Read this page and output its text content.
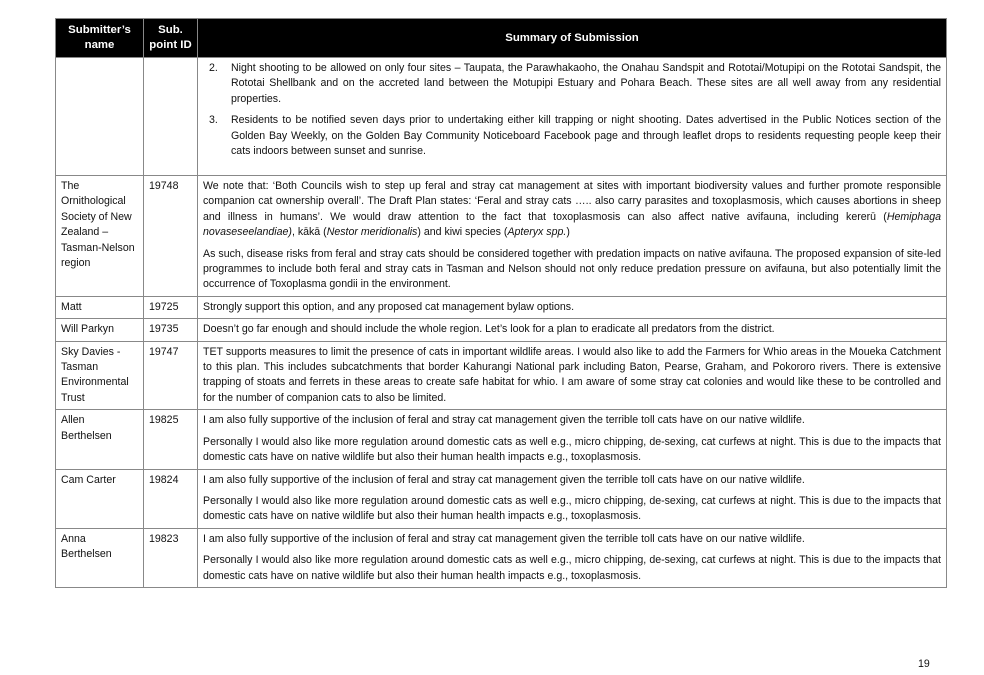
Submitter’s name	Sub. point ID	Summary of Submission

		2. Night shooting to be allowed on only four sites – Taupata, the Parawhakaoho, the Onahau Sandspit and Rototai/Motupipi on the Rototai Sandspit, the Rototai Shellbank and on the accreted land between the Motupipi Estuary and Pohara Beach. These sites are all well away from any residential properties.
3. Residents to be notified seven days prior to undertaking either kill trapping or night shooting. Dates advertised in the Public Notices section of the Golden Bay Weekly, on the Golden Bay Community Noticeboard Facebook page and through leaflet drops to residents requesting people keep their cats indoors between sunset and sunrise.

The Ornithological Society of New Zealand – Tasman-Nelson region	19748	We note that: ‘Both Councils wish to step up feral and stray cat management at sites with important biodiversity values and further promote responsible companion cat ownership overall’. The Draft Plan states: ‘Feral and stray cats ….. also carry parasites and toxoplasmosis, which causes abortions in sheep and illness in humans’. We would draw attention to the fact that toxoplasmosis can also affect native avifauna, including kererū (Hemiphaga novaseseelandiae), kākā (Nestor meridionalis) and kiwi species (Apteryx spp.)

As such, disease risks from feral and stray cats should be considered together with predation impacts on native avifauna. The proposed expansion of site-led programmes to include both feral and stray cats in Tasman and Nelson should not only reduce predation pressure on avifauna, but also potentially limit the occurrence of Toxoplasma gondii in the environment.

Matt	19725	Strongly support this option, and any proposed cat management bylaw options.

Will Parkyn	19735	Doesn’t go far enough and should include the whole region. Let’s look for a plan to eradicate all predators from the district.

Sky Davies - Tasman Environmental Trust	19747	TET supports measures to limit the presence of cats in important wildlife areas. I would also like to add the Farmers for Whio areas in the Moueka Catchment to this plan. This includes subcatchments that border Kahurangi National park including Baton, Pearse, Graham, and Pokororo rivers. There is extensive trapping of stoats and ferrets in these areas to create safe habitat for whio. I am aware of some stray cat colonies and would like these to be controlled and for the number of companion cats to also be limited.

Allen Berthelsen	19825	I am also fully supportive of the inclusion of feral and stray cat management given the terrible toll cats have on our native wildlife.

Personally I would also like more regulation around domestic cats as well e.g., micro chipping, de-sexing, cat curfews at night. This is due to the impacts that domestic cats have on native wildlife but also their human health impacts e.g., toxoplasmosis.

Cam Carter	19824	I am also fully supportive of the inclusion of feral and stray cat management given the terrible toll cats have on our native wildlife.

Personally I would also like more regulation around domestic cats as well e.g., micro chipping, de-sexing, cat curfews at night. This is due to the impacts that domestic cats have on native wildlife but also their human health impacts e.g., toxoplasmosis.

Anna Berthelsen	19823	I am also fully supportive of the inclusion of feral and stray cat management given the terrible toll cats have on our native wildlife.

Personally I would also like more regulation around domestic cats as well e.g., micro chipping, de-sexing, cat curfews at night. This is due to the impacts that domestic cats have on native wildlife but also their human health impacts e.g., toxoplasmosis.

19
